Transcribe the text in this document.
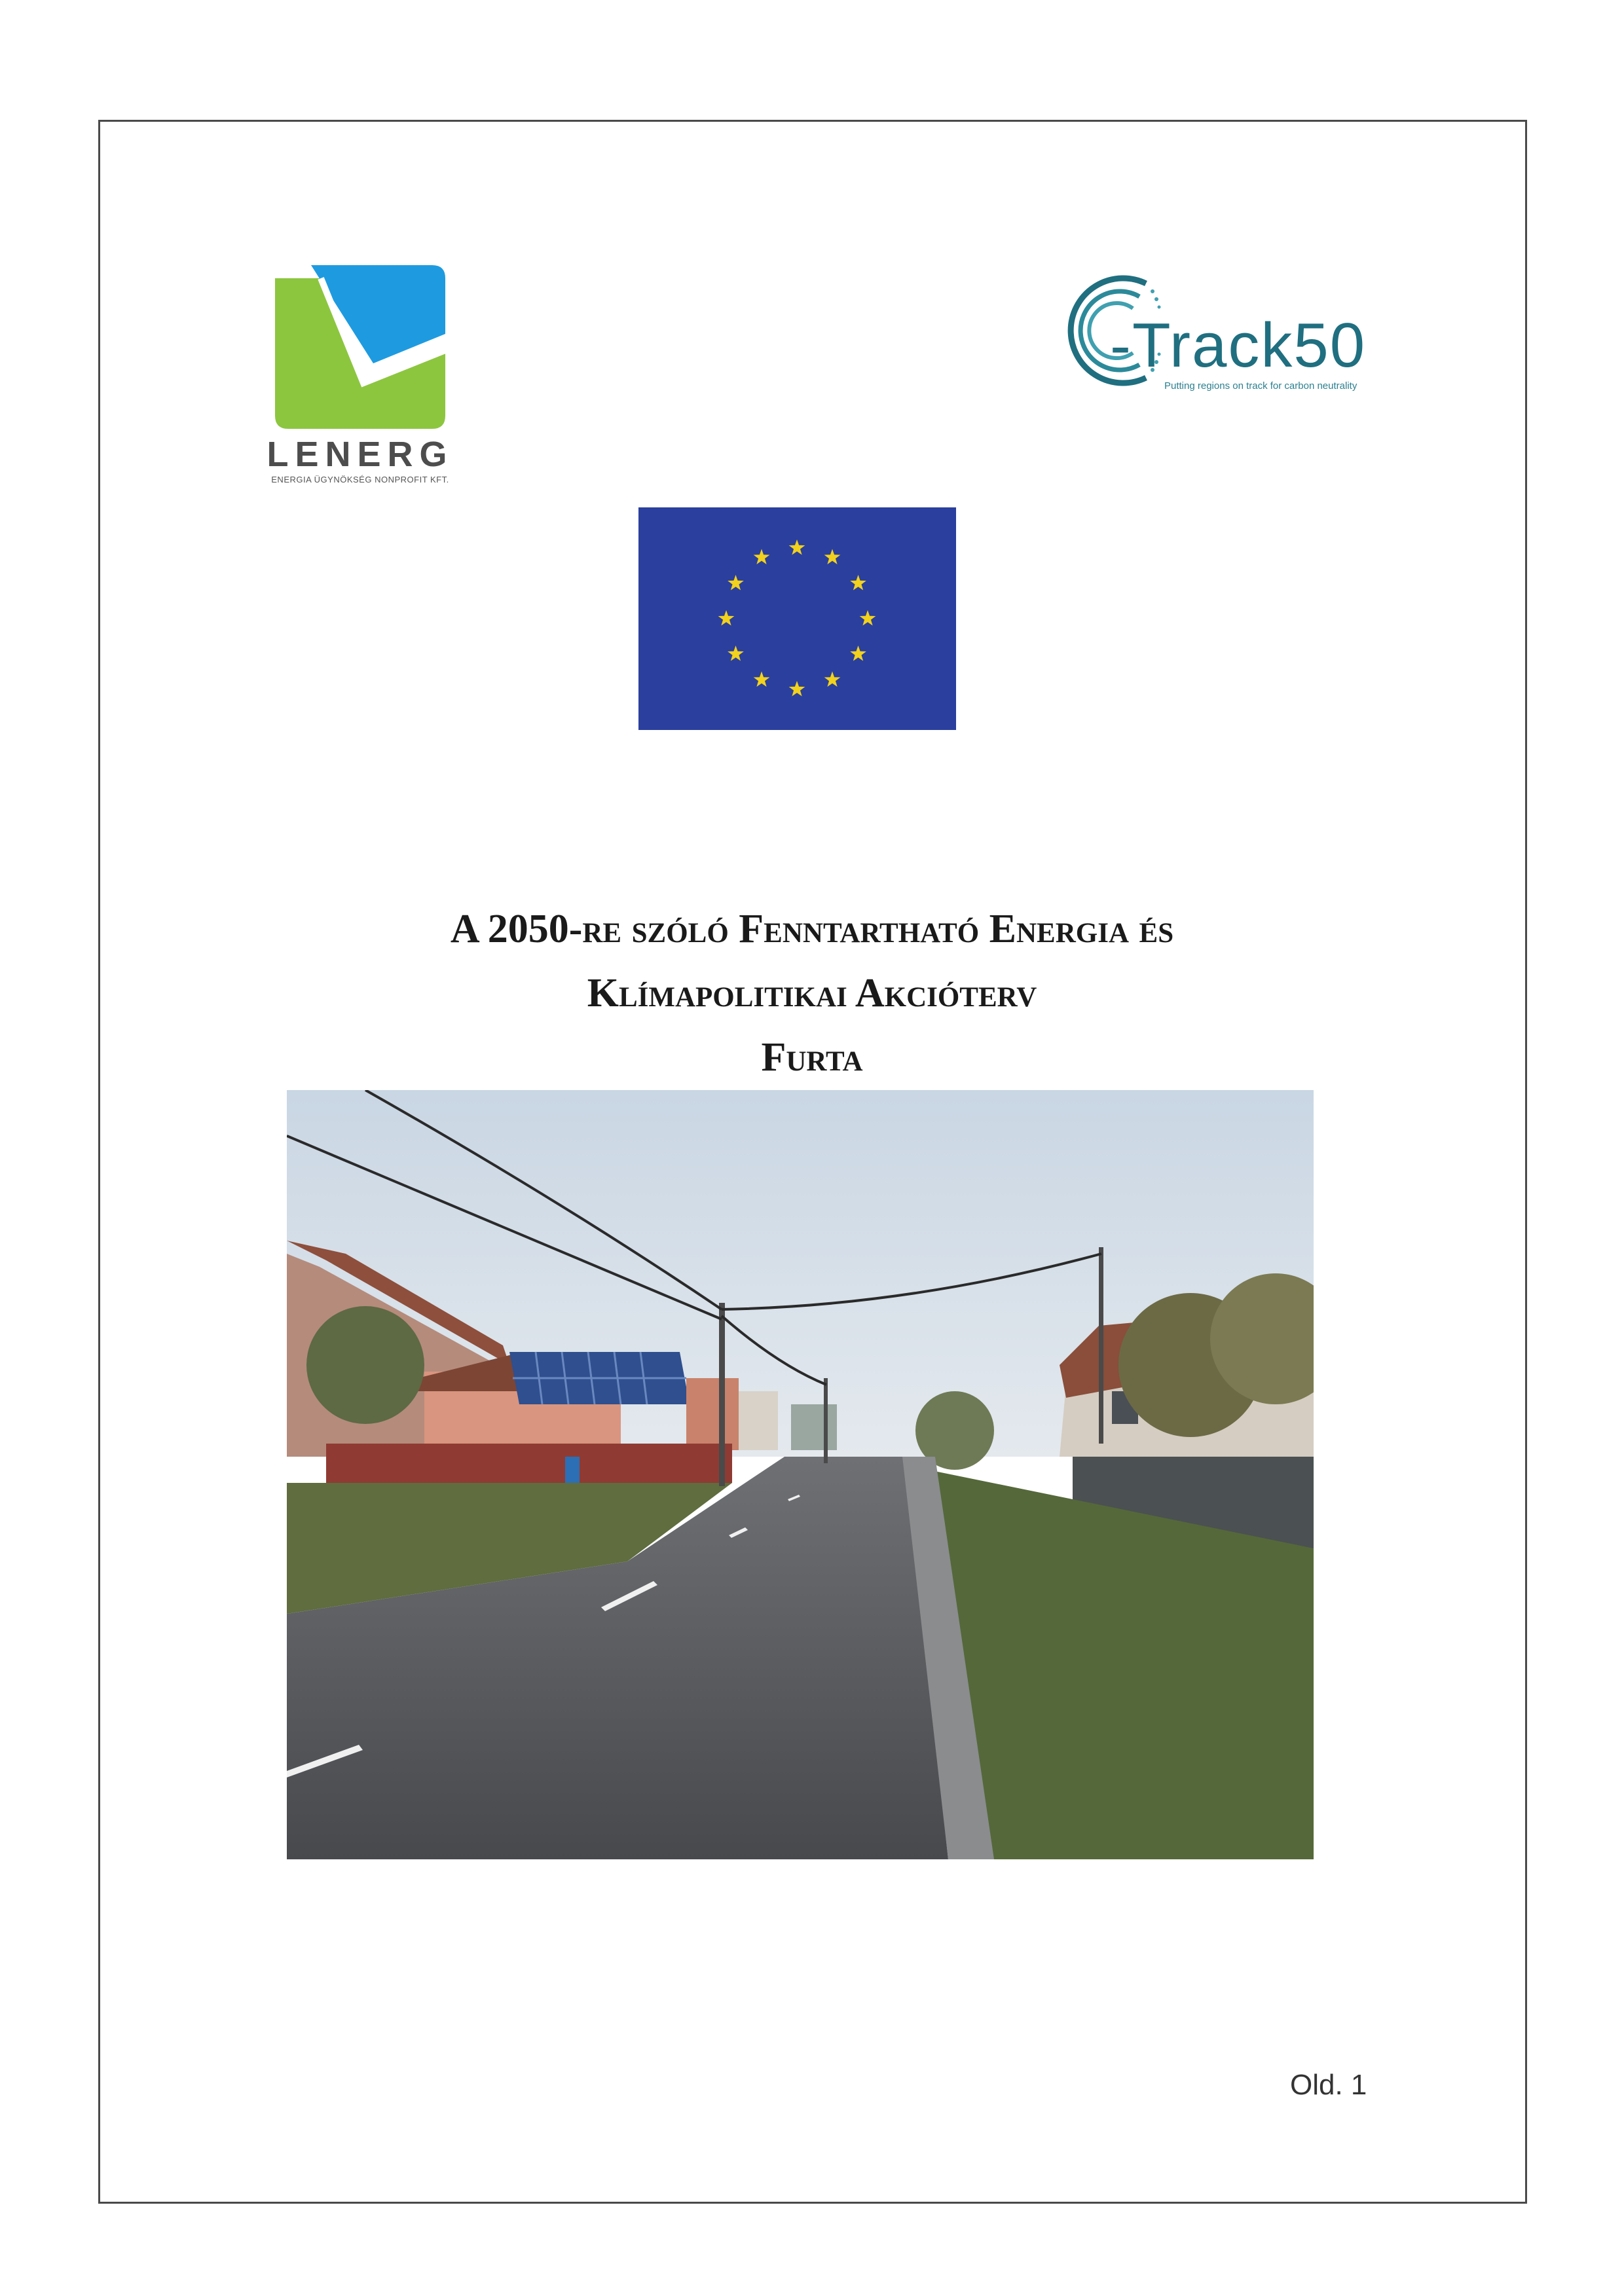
LENERG
ENERGIA ÜGYNÖKSÉG NONPROFIT KFT.
-Track50
Putting regions on track for carbon neutrality
A 2050-re szóló Fenntartható Energia és
Klímapolitikai Akcióterv
Furta
Old. 1
